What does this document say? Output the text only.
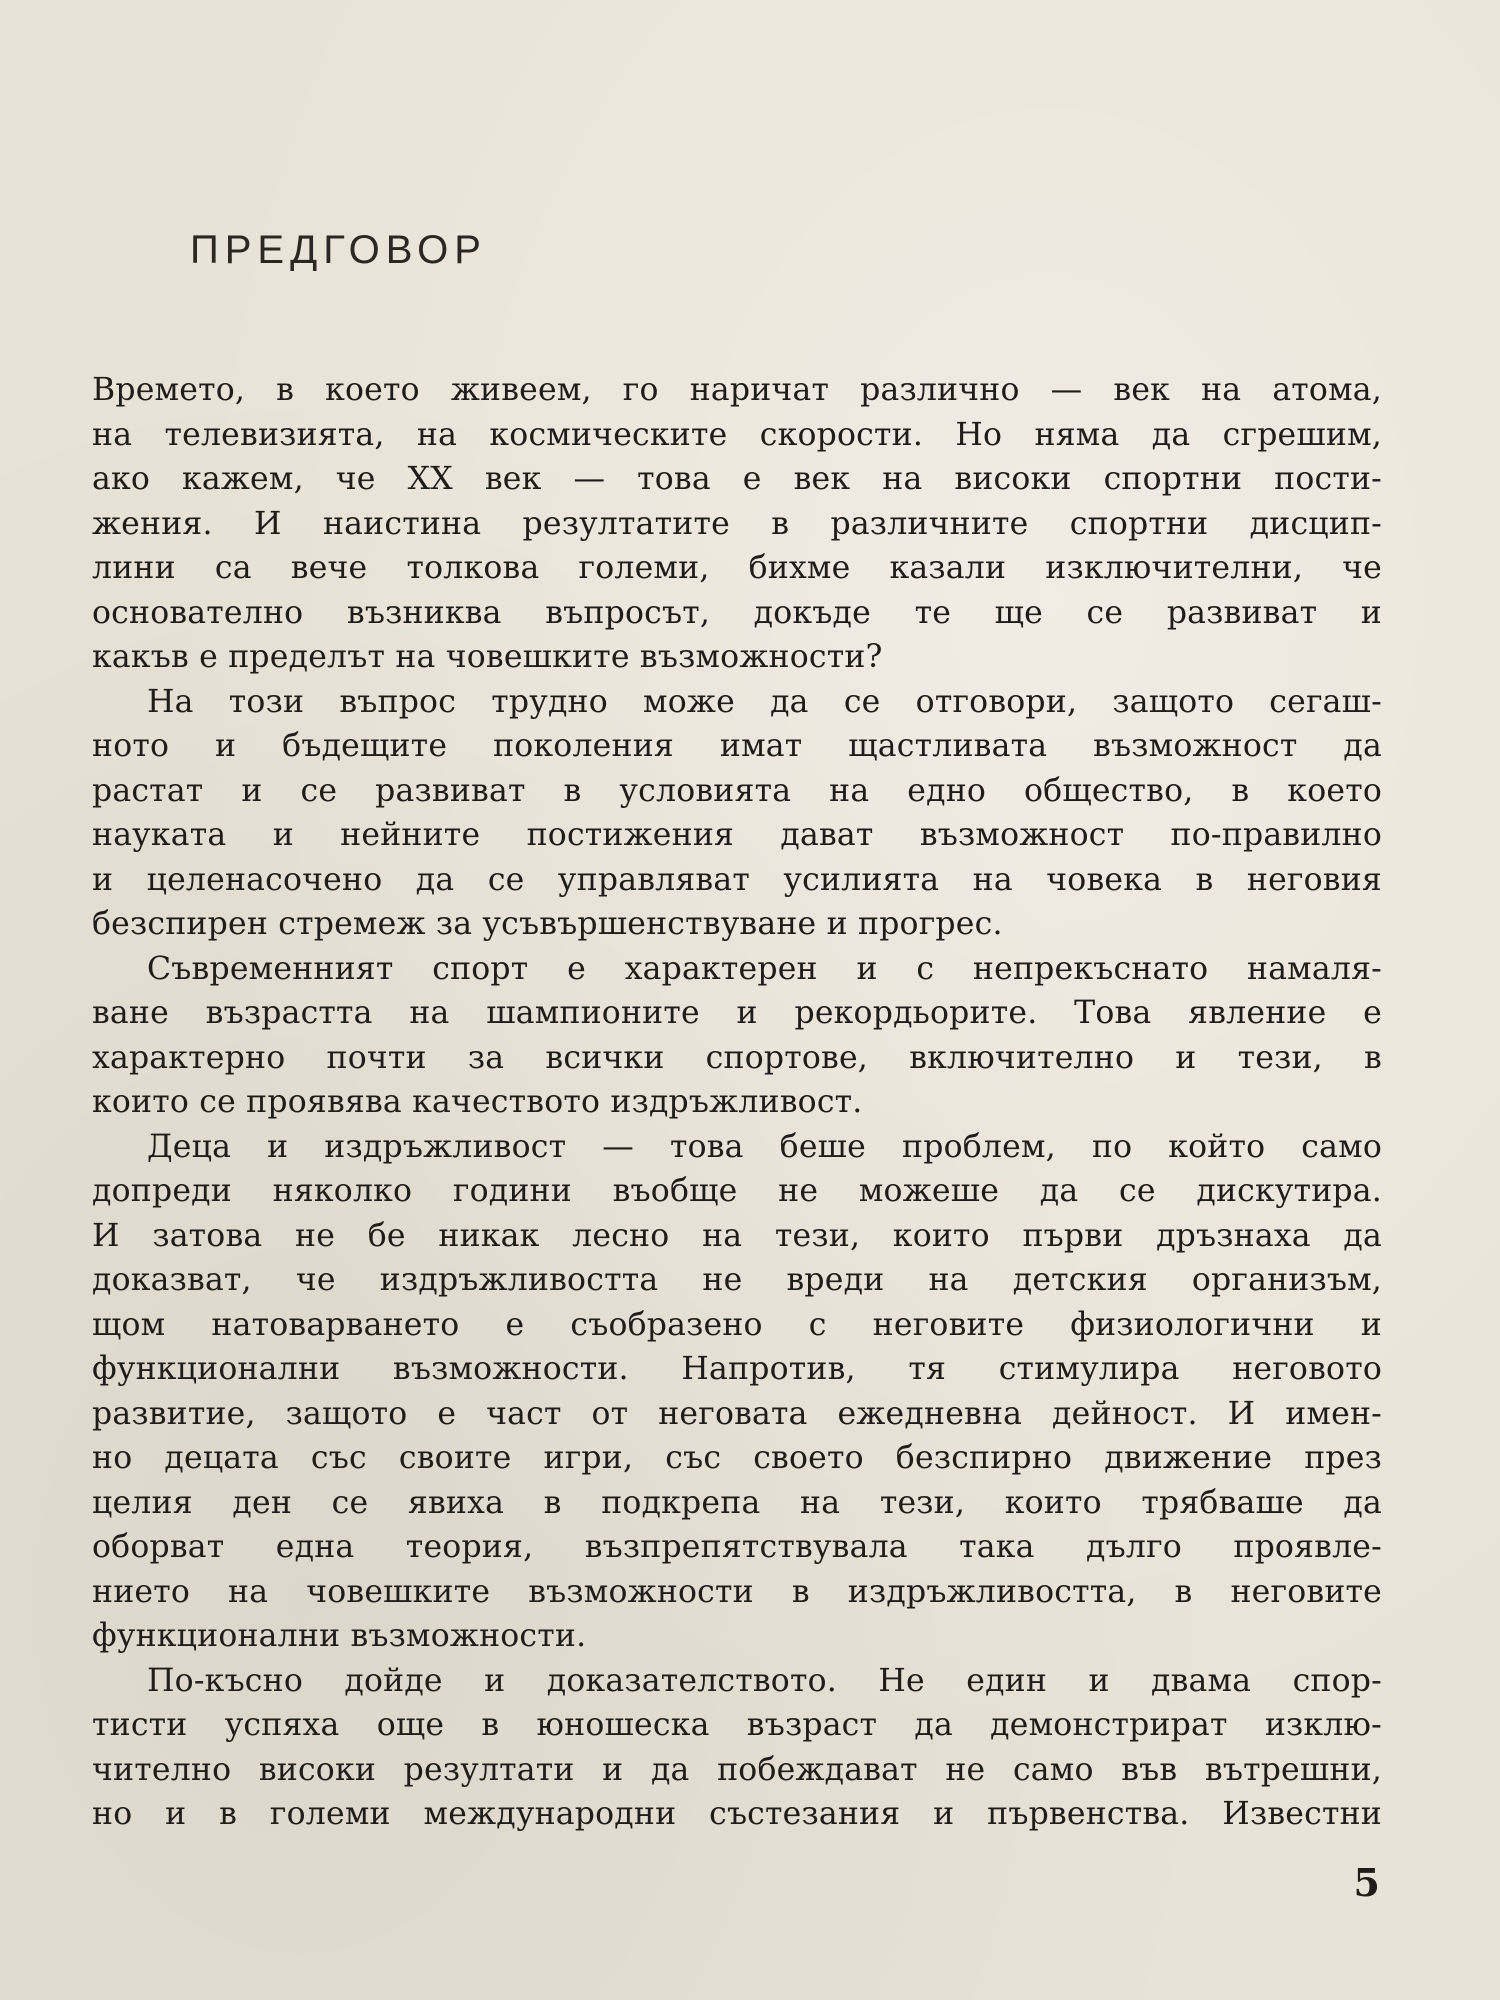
ПРЕДГОВОР
Времето, в което живеем, го наричат различно — век на атома,
на телевизията, на космическите скорости. Но няма да сгрешим,
ако кажем, че XX век — това е век на високи спортни пости-
жения. И наистина резултатите в различните спортни дисцип-
лини са вече толкова големи, бихме казали изключителни, че
основателно възниква въпросът, докъде те ще се развиват и
какъв е пределът на човешките възможности?
На този въпрос трудно може да се отговори, защото сегаш-
ното и бъдещите поколения имат щастливата възможност да
растат и се развиват в условията на едно общество, в което
науката и нейните постижения дават възможност по-правилно
и целенасочено да се управляват усилията на човека в неговия
безспирен стремеж за усъвършенствуване и прогрес.
Съвременният спорт е характерен и с непрекъснато намаля-
ване възрастта на шампионите и рекордьорите. Това явление е
характерно почти за всички спортове, включително и тези, в
които се проявява качеството издръжливост.
Деца и издръжливост — това беше проблем, по който само
допреди няколко години въобще не можеше да се дискутира.
И затова не бе никак лесно на тези, които първи дръзнаха да
доказват, че издръжливостта не вреди на детския организъм,
щом натоварването е съобразено с неговите физиологични и
функционални възможности. Напротив, тя стимулира неговото
развитие, защото е част от неговата ежедневна дейност. И имен-
но децата със своите игри, със своето безспирно движение през
целия ден се явиха в подкрепа на тези, които трябваше да
оборват една теория, възпрепятствувала така дълго проявле-
нието на човешките възможности в издръжливостта, в неговите
функционални възможности.
По-късно дойде и доказателството. Не един и двама спор-
тисти успяха още в юношеска възраст да демонстрират изклю-
чително високи резултати и да побеждават не само във вътрешни,
но и в големи международни състезания и първенства. Известни
5
